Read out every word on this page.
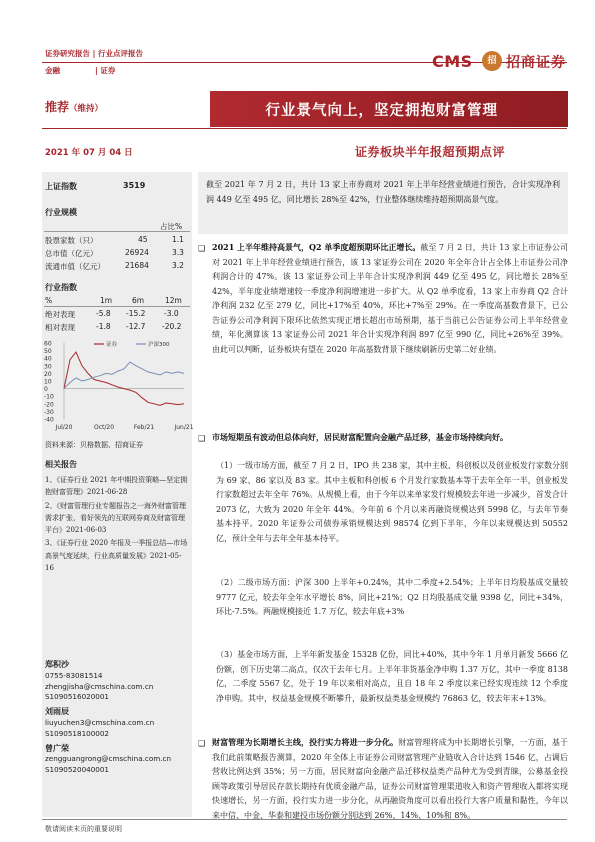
证券研究报告 | 行业点评报告
金融	| 证券	CMS	招 招商证券
推荐（维持）	行业景气向上，坚定拥抱财富管理
2021 年 07 月 04 日	证券板块半年报超预期点评
上证指数	3519
行业规模
占比%
股票家数（只）	45	1.1
总市值（亿元）	26924	3.3
流通市值（亿元）	21684	3.2
行业指数
%	1m	6m	12m
绝对表现	-5.8 -15.2 -3.0
相对表现	-1.8 -12.7 -20.2
60
50
40
30
20
10
0
-10
-20
-30
-40
Jul/20	Oct/20	Feb/21	Jun/21
证券	沪深300
资料来源：贝格数据、招商证券
相关报告
1、《证券行业 2021 年中期投资策略—坚定拥抱财富管理》2021-06-28
2、《财富管理行业专题报告之一海外财富管理需求扩张，看好领先的互联网券商及财富管理平台》2021-06-03
3、《证券行业 2020 年报及一季报总结—市场高景气度延续，行业高质量发展》2021-05-16
郑积沙
0755-83081514
zhengjisha@cmschina.com.cn
S1090516020001
刘雨辰
liuyuchen3@cmschina.com.cn
S1090518100002
曾广荣
zengguangrong@cmschina.com.cn
S1090520040001
截至 2021 年 7 月 2 日，共计 13 家上市券商对 2021 年上半年经营业绩进行预告，合计实现净利润 449 亿至 495 亿，同比增长 28%至 42%，行业整体继续维持超预期高景气度。
❑ 2021 上半年维持高景气，Q2 单季度超预期环比正增长。截至 7 月 2 日，共计 13 家上市证券公司对 2021 年上半年经营业绩进行预告，该 13 家证券公司在 2020 年全年合计占全体上市证券公司净利润合计的 47%。该 13 家证券公司上半年合计实现净利润 449 亿至 495 亿，同比增长 28%至 42%，半年度业绩增速较一季度净利润增速进一步扩大。从 Q2 单季度看，13 家上市券商 Q2 合计净利润 232 亿至 279 亿，同比+17%至 40%，环比+7%至 29%。在一季度高基数背景下，已公告证券公司净利润下限环比依然实现正增长超出市场预期，基于当前已公告证券公司上半年经营业绩，年化测算该 13 家证券公司 2021 年合计实现净利润 897 亿至 990 亿，同比+26%至 39%。由此可以判断，证券板块有望在 2020 年高基数背景下继续刷新历史第二好业绩。
❑ 市场短期虽有波动但总体向好，居民财富配置向金融产品迁移，基金市场持续向好。
（1）一级市场方面，截至 7 月 2 日，IPO 共 238 家，其中主板、科创板以及创业板发行家数分别为 69 家、86 家以及 83 家。其中主板和科创板 6 个月发行家数基本等于去年全年一半，创业板发行家数超过去年全年 76%。从规模上看，由于今年以来单家发行规模较去年进一步减少，首发合计 2073 亿，大致为 2020 年全年 44%。今年前 6 个月以来再融资规模达到 5998 亿，与去年节奏基本持平。2020 年证券公司债券承销规模达到 98574 亿到下半年，今年以来规模达到 50552 亿，预计全年与去年全年基本持平。
（2）二级市场方面：沪深 300 上半年+0.24%，其中二季度+2.54%；上半年日均股基成交量较 9777 亿元，较去年全年水平增长 8%，同比+21%；Q2 日均股基成交量 9398 亿，同比+34%，环比-7.5%。两融规模接近 1.7 万亿，较去年底+3%
（3）基金市场方面，上半年新发基金 15328 亿份，同比+40%，其中今年 1 月单月新发 5666 亿份额，创下历史第二高点，仅次于去年七月。上半年非货基金净申购 1.37 万亿，其中一季度 8138 亿，二季度 5567 亿，处于 19 年以来相对高点，且自 18 年 2 季度以来已经实现连续 12 个季度净申购。其中，权益基金规模不断攀升，最新权益类基金规模约 76863 亿，较去年末+13%。
❑ 财富管理为长期增长主线，投行实力将进一步分化。财富管理将成为中长期增长引擎，一方面，基于我们此前策略报告测算，2020 年全体上市证券公司财富管理产业链收入合计达到 1546 亿，占调后营收比例达到 35%；另一方面，居民财富向金融产品迁移权益类产品种尤为受到青睐，公募基金投顾等政策引导居民存款长期持有优质金融产品，证券公司财富管理渠道收入和资产管理收入都将实现快速增长，另一方面，投行实力进一步分化，从再融资角度可以看出投行大客户质量和黏性，今年以来中信、中金、华泰和建投市场份额分别达到 26%、14%、10%和 8%。
敬请阅读末页的重要说明
